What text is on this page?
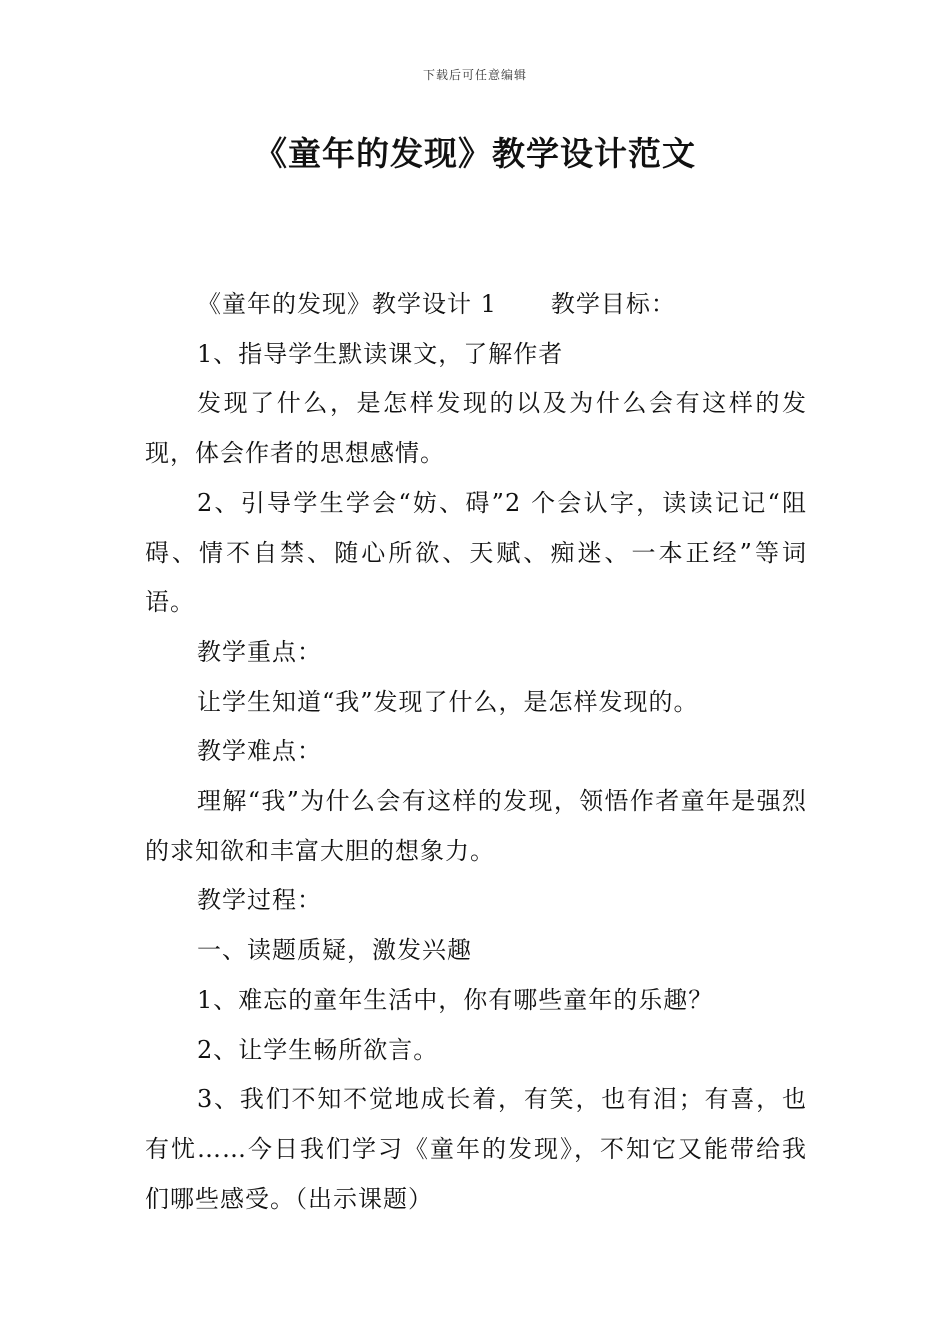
下载后可任意编辑
《童年的发现》教学设计范文

《童年的发现》教学设计 1 教学目标：

1、指导学生默读课文，了解作者

发现了什么，是怎样发现的以及为什么会有这样的发现，体会作者的思想感情。

2、引导学生学会“妨、碍”2 个会认字，读读记记“阻碍、情不自禁、随心所欲、天赋、痴迷、一本正经”等词语。

教学重点：

让学生知道“我”发现了什么，是怎样发现的。

教学难点：

理解“我”为什么会有这样的发现，领悟作者童年是强烈的求知欲和丰富大胆的想象力。

教学过程：

一、读题质疑，激发兴趣

1、难忘的童年生活中，你有哪些童年的乐趣？

2、让学生畅所欲言。

3、我们不知不觉地成长着，有笑，也有泪；有喜，也有忧……今日我们学习《童年的发现》，不知它又能带给我们哪些感受。（出示课题）
